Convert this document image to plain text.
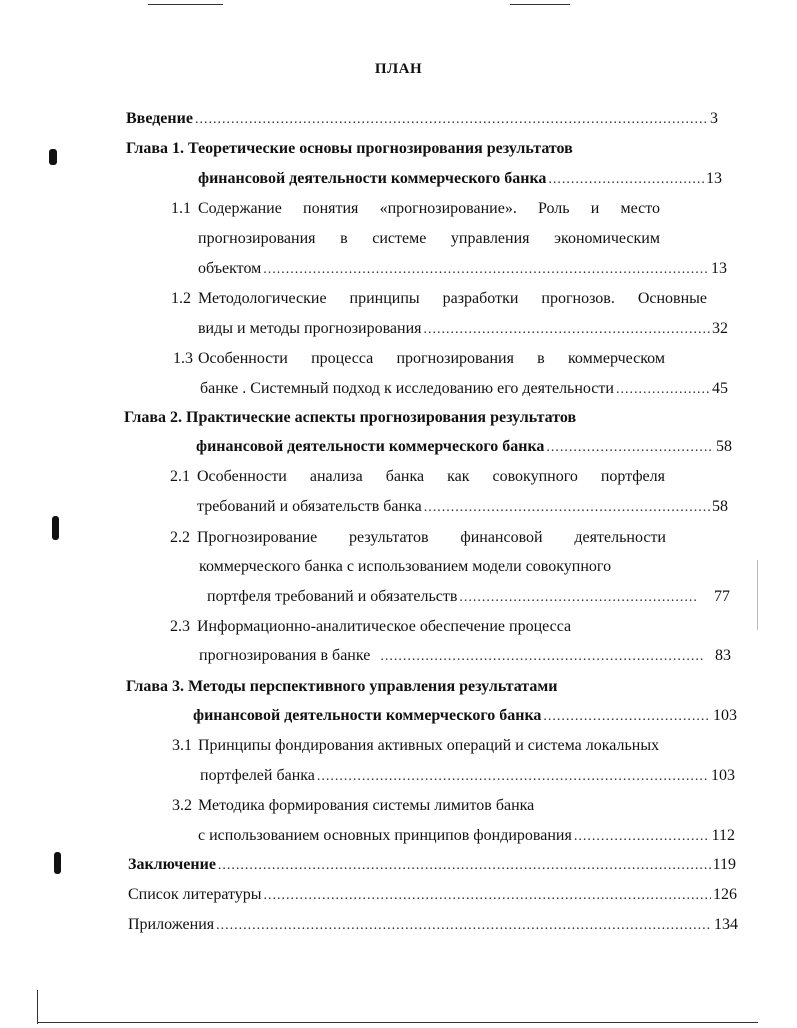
ПЛАН
Введение .....	3
Глава 1. Теоретические основы прогнозирования результатов
финансовой деятельности коммерческого банка .....	13
1.1 Содержание понятия «прогнозирование». Роль и место
прогнозирования в системе управления экономическим
объектом .....	13
1.2 Методологические принципы разработки прогнозов. Основные
виды и методы прогнозирования .....	32
1.3 Особенности процесса прогнозирования в коммерческом
банке . Системный подход к исследованию его деятельности .....	45
Глава 2. Практические аспекты прогнозирования результатов
финансовой деятельности коммерческого банка .....	58
2.1 Особенности анализа банка как совокупного портфеля
требований и обязательств банка .....	58
2.2 Прогнозирование результатов финансовой деятельности
коммерческого банка с использованием модели совокупного
портфеля требований и обязательств .....	77
2.3 Информационно-аналитическое обеспечение процесса
прогнозирования в банке .....	83
Глава 3. Методы перспективного управления результатами
финансовой деятельности коммерческого банка .....	103
3.1 Принципы фондирования активных операций и система локальных
портфелей банка .....	103
3.2 Методика формирования системы лимитов банка
с использованием основных принципов фондирования .....	112
Заключение .....	119
Список литературы .....	126
Приложения .....	134
